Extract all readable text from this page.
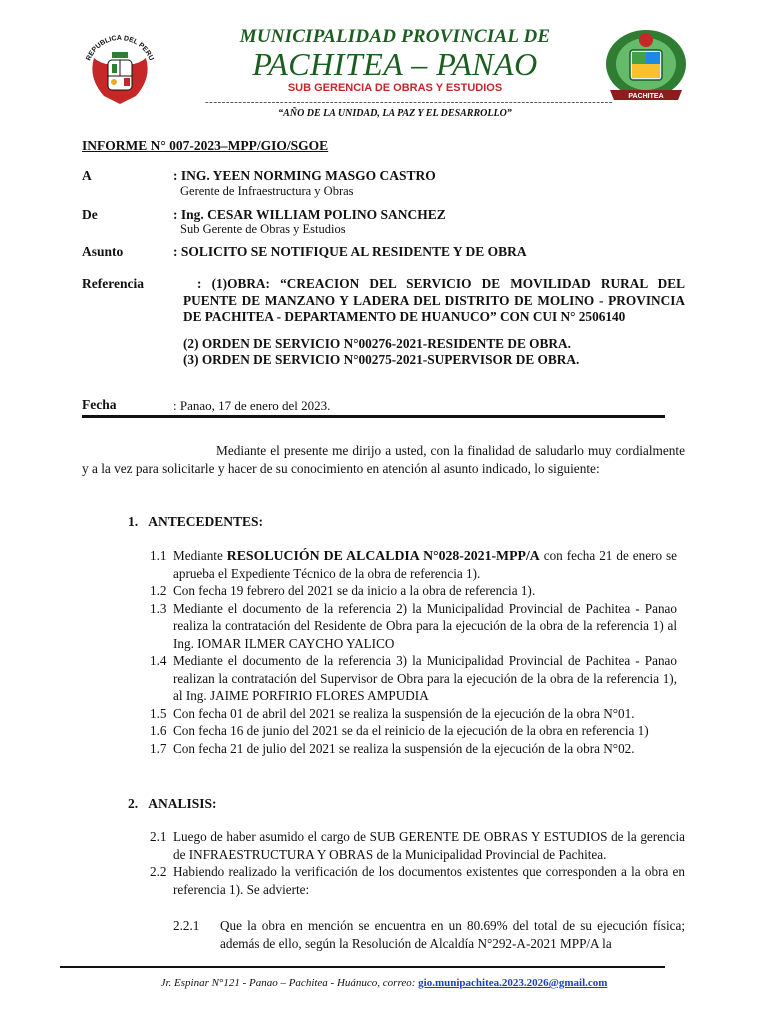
REPUBLICA DEL PERU
PACHITEA
MUNICIPALIDAD PROVINCIAL DE
PACHITEA – PANAO
SUB GERENCIA DE OBRAS Y ESTUDIOS
--------------------------------------------------------------------------------------------------
“AÑO DE LA UNIDAD, LA PAZ Y EL DESARROLLO”
INFORME N° 007-2023–MPP/GIO/SGOE
A	: ING. YEEN NORMING MASGO CASTRO
Gerente de Infraestructura y Obras
De	: Ing. CESAR WILLIAM POLINO SANCHEZ
Sub Gerente de Obras y Estudios
Asunto	: SOLICITO SE NOTIFIQUE AL RESIDENTE Y DE OBRA
Referencia	: (1)OBRA: “CREACION DEL SERVICIO DE MOVILIDAD RURAL DEL PUENTE DE MANZANO Y LADERA DEL DISTRITO DE MOLINO - PROVINCIA DE PACHITEA - DEPARTAMENTO DE HUANUCO” CON CUI N° 2506140
(2) ORDEN DE SERVICIO N°00276-2021-RESIDENTE DE OBRA.
(3) ORDEN DE SERVICIO N°00275-2021-SUPERVISOR DE OBRA.
Fecha	: Panao, 17 de enero del 2023.
Mediante el presente me dirijo a usted, con la finalidad de saludarlo muy cordialmente y a la vez para solicitarle y hacer de su conocimiento en atención al asunto indicado, lo siguiente:
1.   ANTECEDENTES:
1.1 Mediante RESOLUCIÓN DE ALCALDIA N°028-2021-MPP/A con fecha 21 de enero se aprueba el Expediente Técnico de la obra de referencia 1).
1.2 Con fecha 19 febrero del 2021 se da inicio a la obra de referencia 1).
1.3 Mediante el documento de la referencia 2) la Municipalidad Provincial de Pachitea - Panao realiza la contratación del Residente de Obra para la ejecución de la obra de la referencia 1) al Ing. IOMAR ILMER CAYCHO YALICO
1.4 Mediante el documento de la referencia 3) la Municipalidad Provincial de Pachitea - Panao realizan la contratación del Supervisor de Obra para la ejecución de la obra de la referencia 1), al Ing. JAIME PORFIRIO FLORES AMPUDIA
1.5 Con fecha 01 de abril del 2021 se realiza la suspensión de la ejecución de la obra N°01.
1.6 Con fecha 16 de junio del 2021 se da el reinicio de la ejecución de la obra en referencia 1)
1.7 Con fecha 21 de julio del 2021 se realiza la suspensión de la ejecución de la obra N°02.
2.   ANALISIS:
2.1 Luego de haber asumido el cargo de SUB GERENTE DE OBRAS Y ESTUDIOS de la gerencia de INFRAESTRUCTURA Y OBRAS de la Municipalidad Provincial de Pachitea.
2.2 Habiendo realizado la verificación de los documentos existentes que corresponden a la obra en referencia 1). Se advierte:
2.2.1 Que la obra en mención se encuentra en un 80.69% del total de su ejecución física; además de ello, según la Resolución de Alcaldía N°292-A-2021 MPP/A la
Jr. Espinar N°121 - Panao – Pachitea - Huánuco, correo: gio.munipachitea.2023.2026@gmail.com
